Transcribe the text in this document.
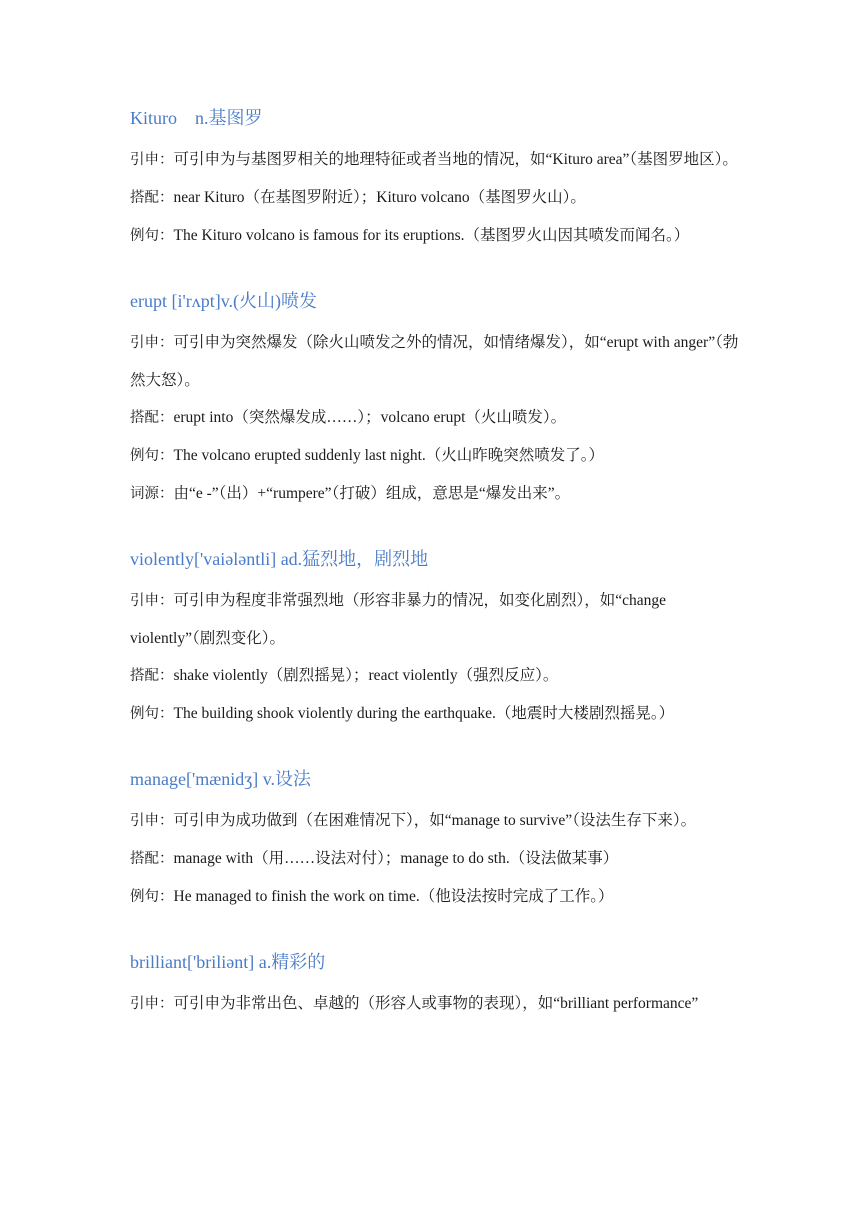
Kituro　n.基图罗

引申：可引申为与基图罗相关的地理特征或者当地的情况，如“Kituro area”（基图罗地区）。

搭配：near Kituro（在基图罗附近）；Kituro volcano（基图罗火山）。

例句：The Kituro volcano is famous for its eruptions.（基图罗火山因其喷发而闻名。）

erupt [i'rʌpt]v.(火山)喷发

引申：可引申为突然爆发（除火山喷发之外的情况，如情绪爆发），如“erupt with anger”（勃然大怒）。

搭配：erupt into（突然爆发成……）；volcano erupt（火山喷发）。

例句：The volcano erupted suddenly last night.（火山昨晚突然喷发了。）

词源：由“e -”（出）+“rumpere”（打破）组成，意思是“爆发出来”。

violently['vaiələntli] ad.猛烈地，剧烈地

引申：可引申为程度非常强烈地（形容非暴力的情况，如变化剧烈），如“change violently”（剧烈变化）。

搭配：shake violently（剧烈摇晃）；react violently（强烈反应）。

例句：The building shook violently during the earthquake.（地震时大楼剧烈摇晃。）

manage['mænidʒ] v.设法

引申：可引申为成功做到（在困难情况下），如“manage to survive”（设法生存下来）。

搭配：manage with（用……设法对付）；manage to do sth.（设法做某事）

例句：He managed to finish the work on time.（他设法按时完成了工作。）

brilliant['briliənt] a.精彩的

引申：可引申为非常出色、卓越的（形容人或事物的表现），如“brilliant performance”
